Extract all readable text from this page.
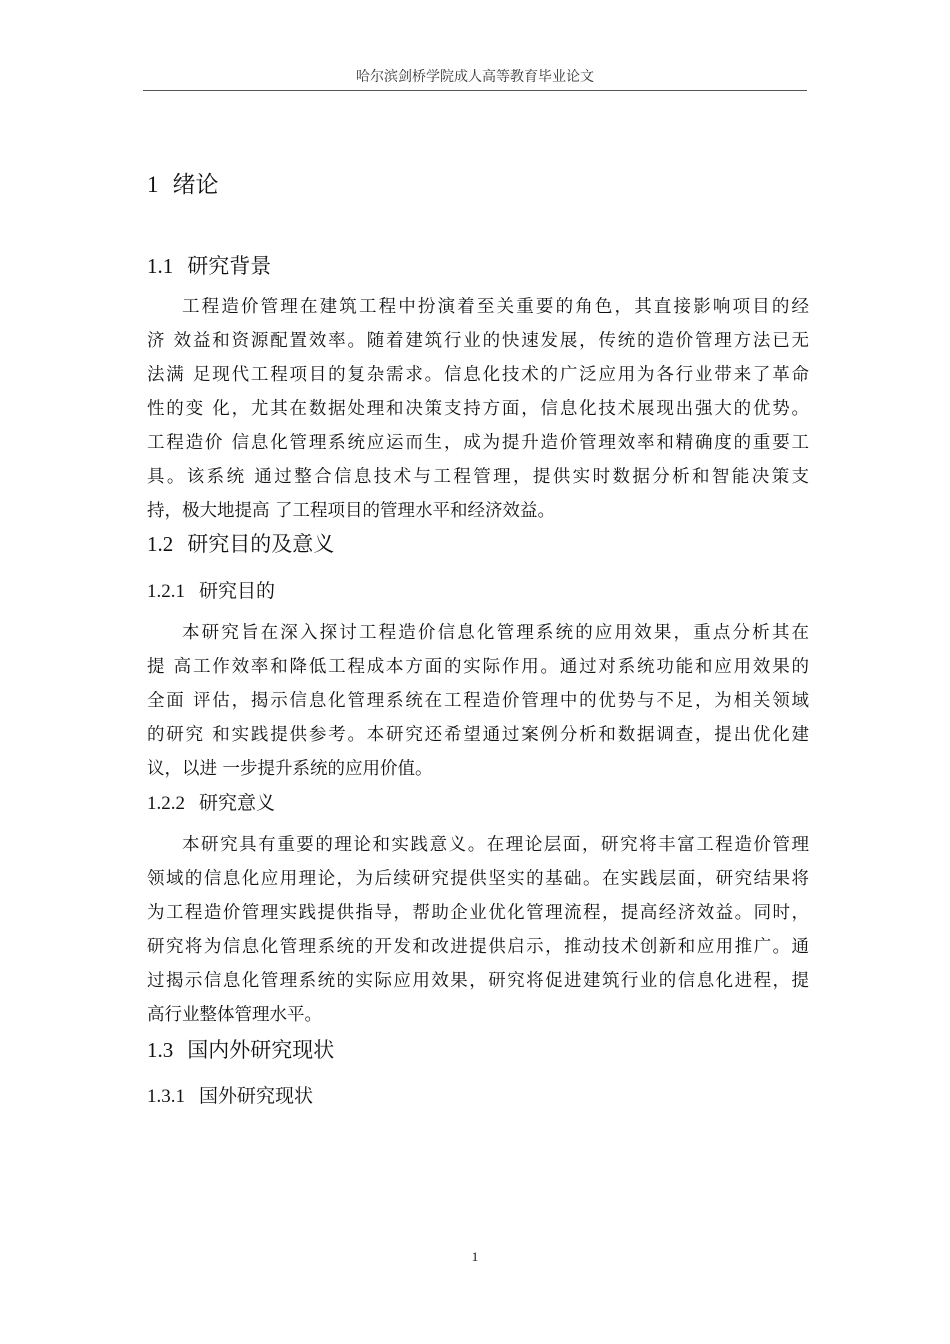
哈尔滨剑桥学院成人高等教育毕业论文
1 绪论
1.1 研究背景
工程造价管理在建筑工程中扮演着至关重要的角色，其直接影响项目的经
济 效益和资源配置效率。随着建筑行业的快速发展，传统的造价管理方法已无
法满 足现代工程项目的复杂需求。信息化技术的广泛应用为各行业带来了革命
性的变 化，尤其在数据处理和决策支持方面，信息化技术展现出强大的优势。
工程造价 信息化管理系统应运而生，成为提升造价管理效率和精确度的重要工
具。该系统 通过整合信息技术与工程管理，提供实时数据分析和智能决策支
持，极大地提高 了工程项目的管理水平和经济效益。
1.2 研究目的及意义
1.2.1 研究目的
本研究旨在深入探讨工程造价信息化管理系统的应用效果，重点分析其在
提 高工作效率和降低工程成本方面的实际作用。通过对系统功能和应用效果的
全面 评估，揭示信息化管理系统在工程造价管理中的优势与不足，为相关领域
的研究 和实践提供参考。本研究还希望通过案例分析和数据调查，提出优化建
议，以进 一步提升系统的应用价值。
1.2.2 研究意义
本研究具有重要的理论和实践意义。在理论层面，研究将丰富工程造价管理
领域的信息化应用理论，为后续研究提供坚实的基础。在实践层面，研究结果将
为工程造价管理实践提供指导，帮助企业优化管理流程，提高经济效益。同时，
研究将为信息化管理系统的开发和改进提供启示，推动技术创新和应用推广。通
过揭示信息化管理系统的实际应用效果，研究将促进建筑行业的信息化进程，提
高行业整体管理水平。
1.3 国内外研究现状
1.3.1 国外研究现状
1
